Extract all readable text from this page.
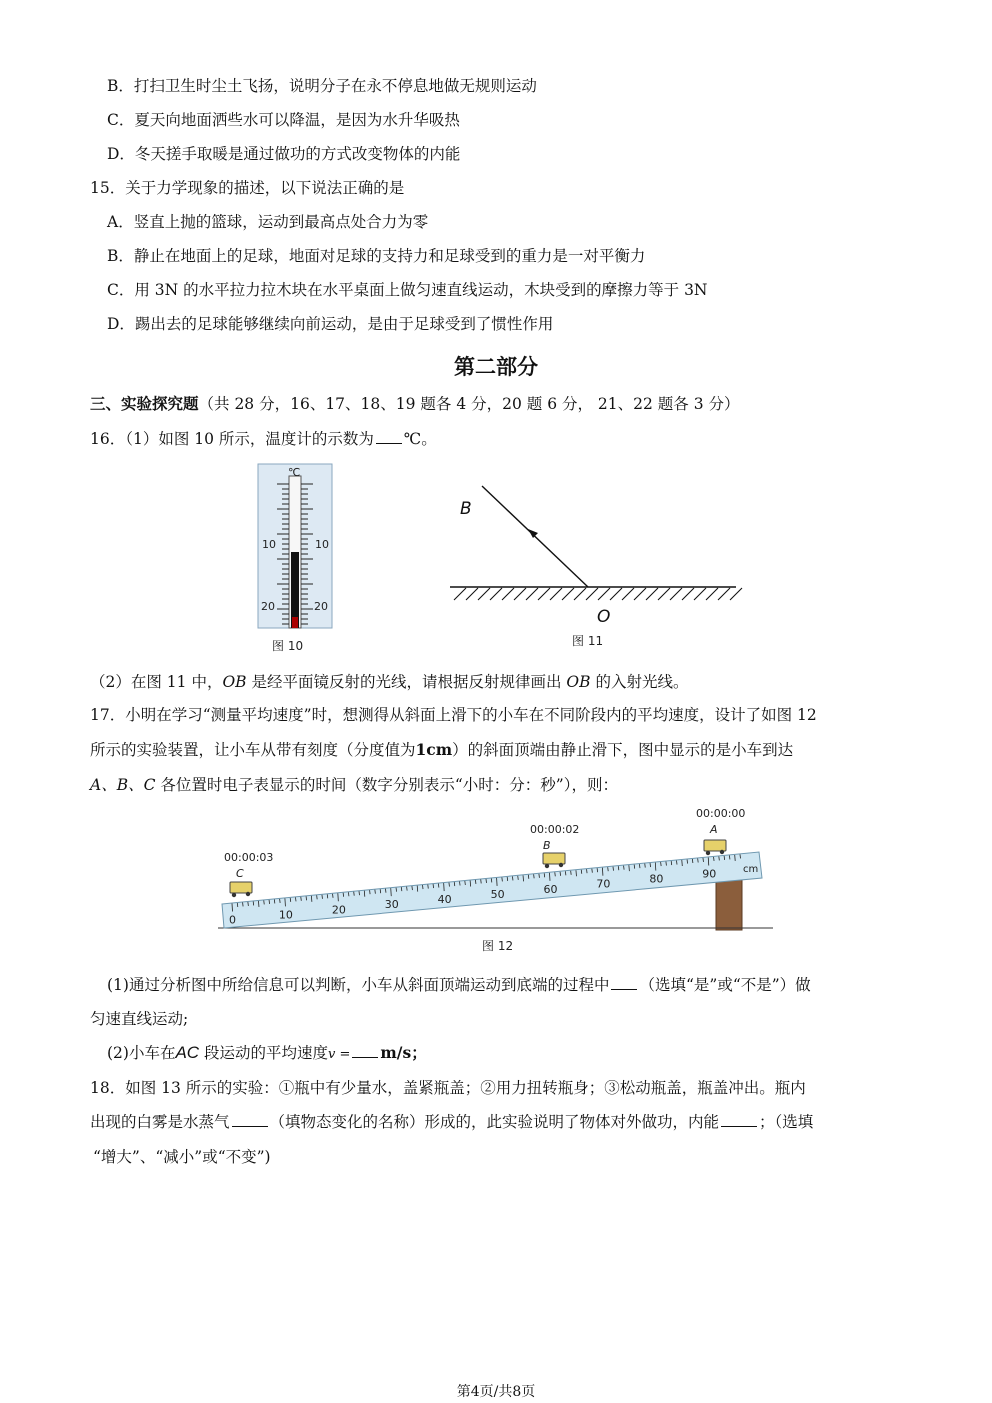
B．打扫卫生时尘土飞扬，说明分子在永不停息地做无规则运动
C．夏天向地面洒些水可以降温，是因为水升华吸热
D．冬天搓手取暖是通过做功的方式改变物体的内能
15．关于力学现象的描述，以下说法正确的是
A．竖直上抛的篮球，运动到最高点处合力为零
B．静止在地面上的足球，地面对足球的支持力和足球受到的重力是一对平衡力
C．用 3N 的水平拉力拉木块在水平桌面上做匀速直线运动，木块受到的摩擦力等于 3N
D．踢出去的足球能够继续向前运动，是由于足球受到了惯性作用
第二部分
三、实验探究题（共 28 分，16、17、18、19 题各 4 分，20 题 6 分， 21、22 题各 3 分）
16．（1）如图 10 所示，温度计的示数为 ℃。
℃
10	10
20	20
图 10
B
O
图 11
（2）在图 11 中，OB 是经平面镜反射的光线，请根据反射规律画出 OB 的入射光线。
17．小明在学习“测量平均速度”时，想测得从斜面上滑下的小车在不同阶段内的平均速度，设计了如图 12
所示的实验装置，让小车从带有刻度（分度值为1cm）的斜面顶端由静止滑下，图中显示的是小车到达
A、B、C 各位置时电子表显示的时间（数字分别表示“小时：分：秒”），则：
0	10	20	30	40	50	60	70	80	90	cm
C
B
A
00:00:03
00:00:02
00:00:00
图 12
(1)通过分析图中所给信息可以判断，小车从斜面顶端运动到底端的过程中 （选填“是”或“不是”）做
匀速直线运动;
(2)小车在AC 段运动的平均速度v = m/s；
18．如图 13 所示的实验：①瓶中有少量水，盖紧瓶盖；②用力扭转瓶身；③松动瓶盖，瓶盖冲出。瓶内
出现的白雾是水蒸气	（填物态变化的名称）形成的，此实验说明了物体对外做功，内能	；（选填
“增大”、“减小”或“不变”)
第4页/共8页
